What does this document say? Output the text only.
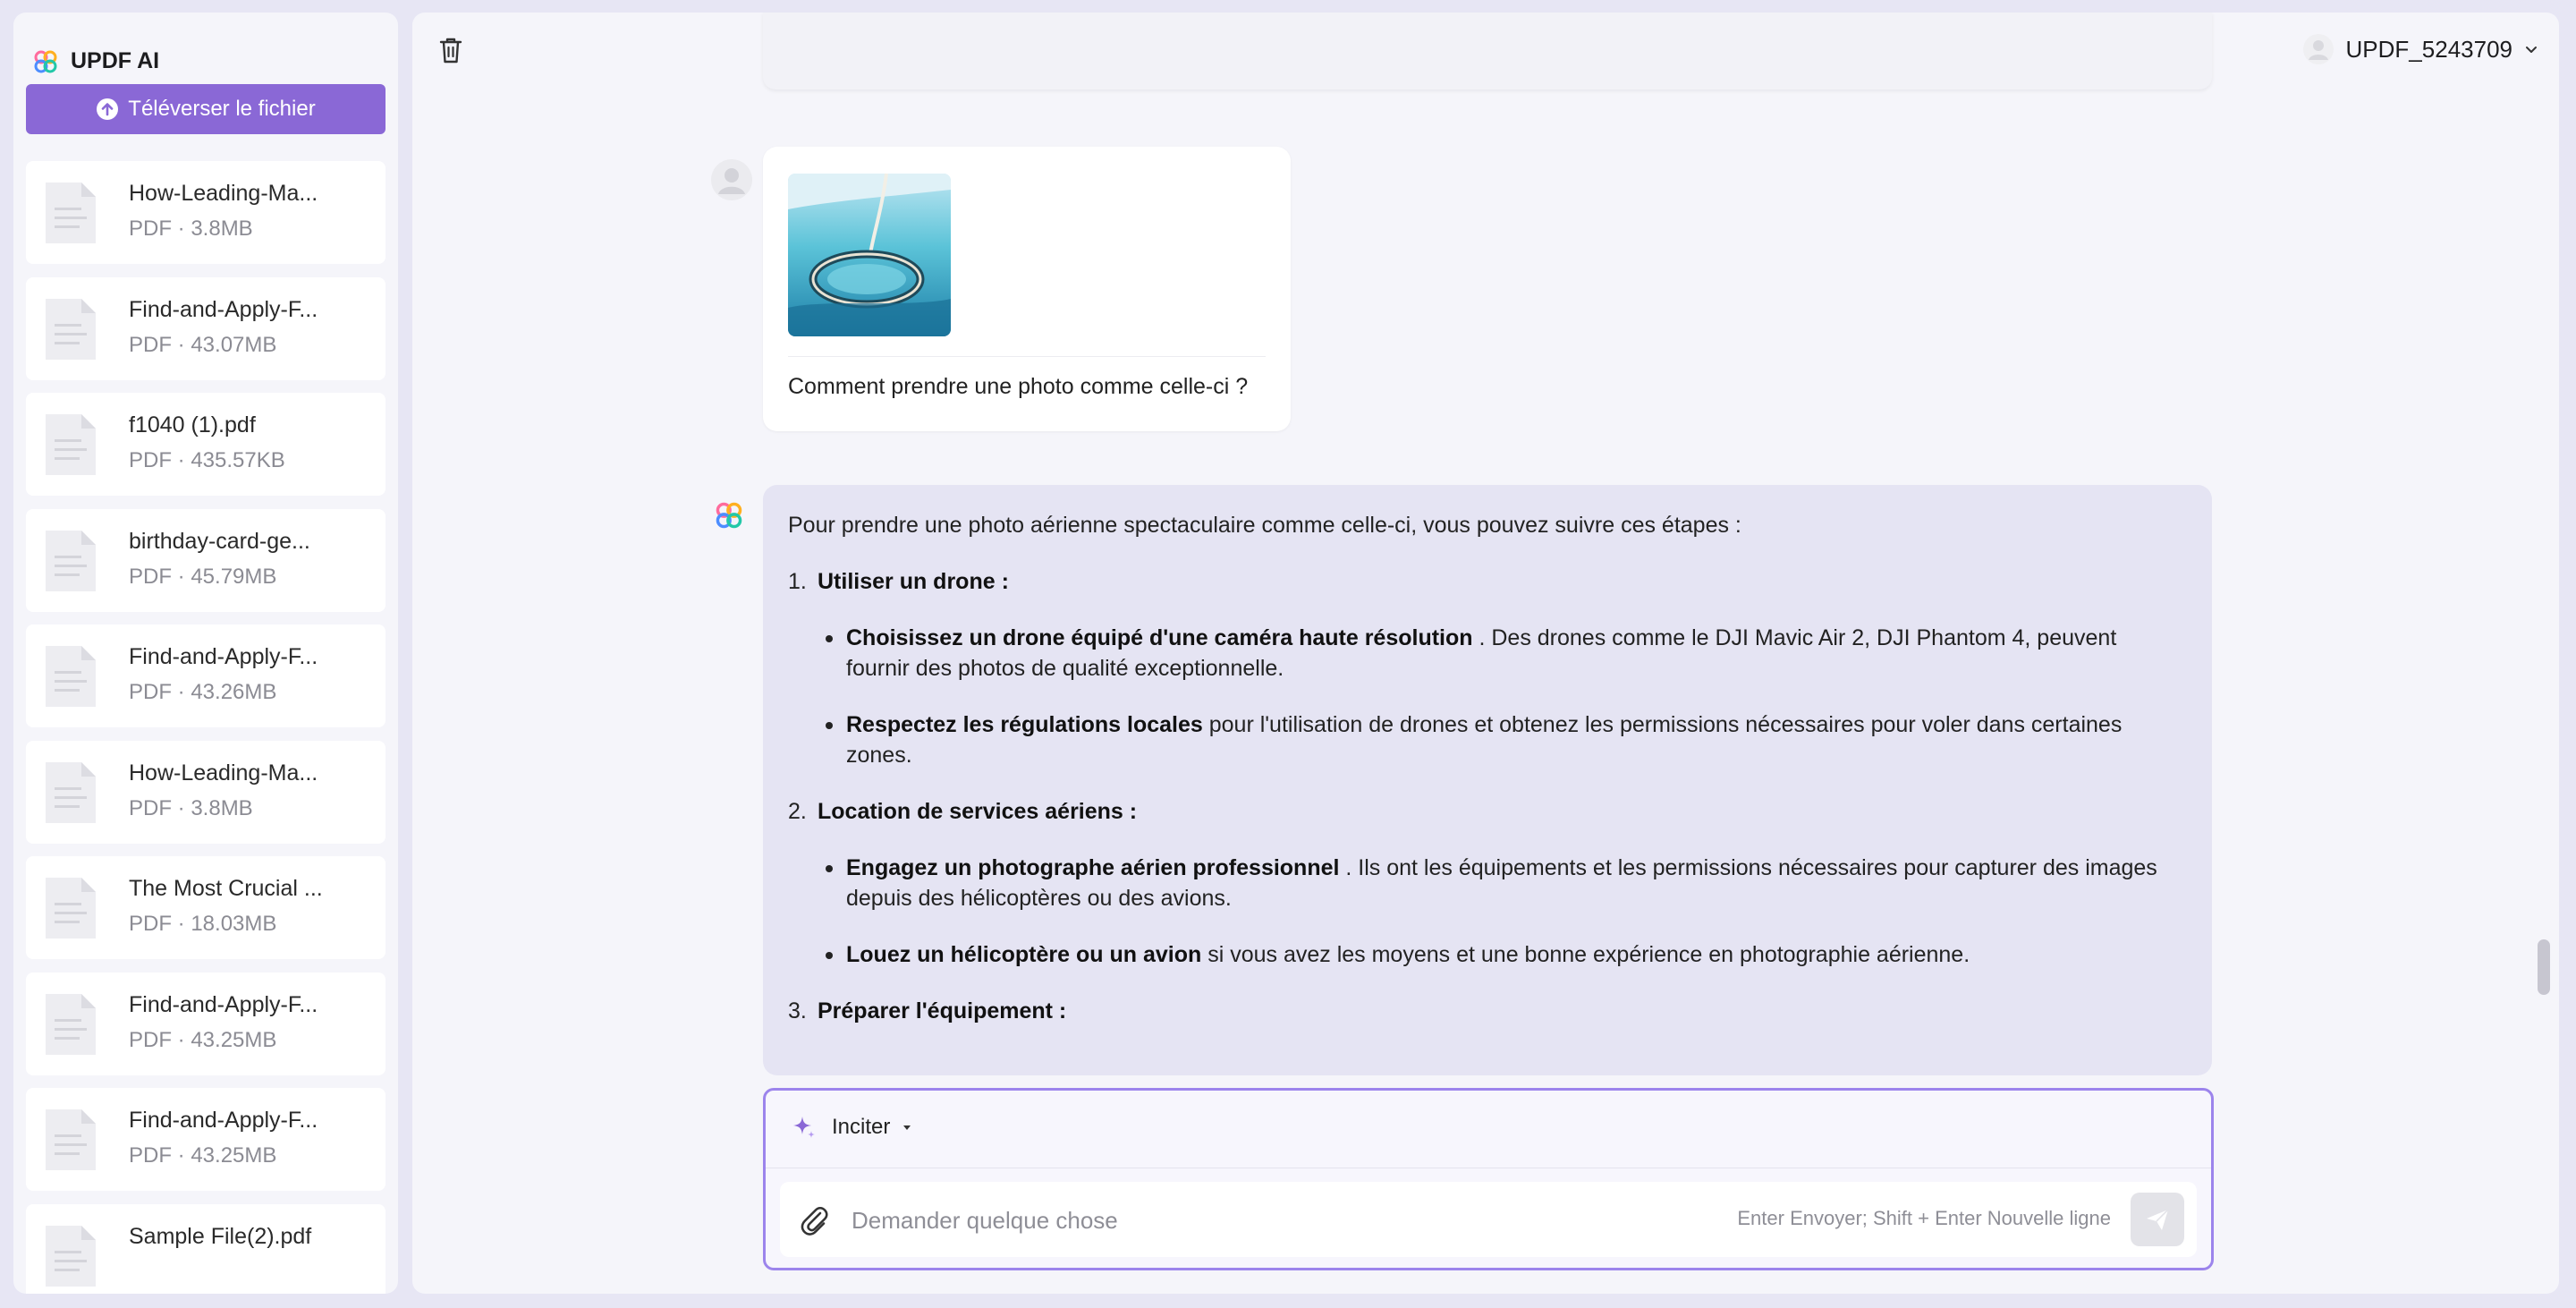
UPDF AI
Téléverser le fichier
How-Leading-Ma...
PDF · 3.8MB
Find-and-Apply-F...
PDF · 43.07MB
f1040 (1).pdf
PDF · 435.57KB
birthday-card-ge...
PDF · 45.79MB
Find-and-Apply-F...
PDF · 43.26MB
How-Leading-Ma...
PDF · 3.8MB
The Most Crucial ...
PDF · 18.03MB
Find-and-Apply-F...
PDF · 43.25MB
Find-and-Apply-F...
PDF · 43.25MB
Sample File(2).pdf
UPDF_5243709
Comment prendre une photo comme celle-ci ?

Pour prendre une photo aérienne spectaculaire comme celle-ci, vous pouvez suivre ces étapes :

1. Utiliser un drone :
Choisissez un drone équipé d'une caméra haute résolution . Des drones comme le DJI Mavic Air 2, DJI Phantom 4, peuvent fournir des photos de qualité exceptionnelle.
Respectez les régulations locales pour l'utilisation de drones et obtenez les permissions nécessaires pour voler dans certaines zones.
2. Location de services aériens :
Engagez un photographe aérien professionnel . Ils ont les équipements et les permissions nécessaires pour capturer des images depuis des hélicoptères ou des avions.
Louez un hélicoptère ou un avion si vous avez les moyens et une bonne expérience en photographie aérienne.
3. Préparer l'équipement :
Inciter
Demander quelque chose
Enter Envoyer; Shift + Enter Nouvelle ligne
